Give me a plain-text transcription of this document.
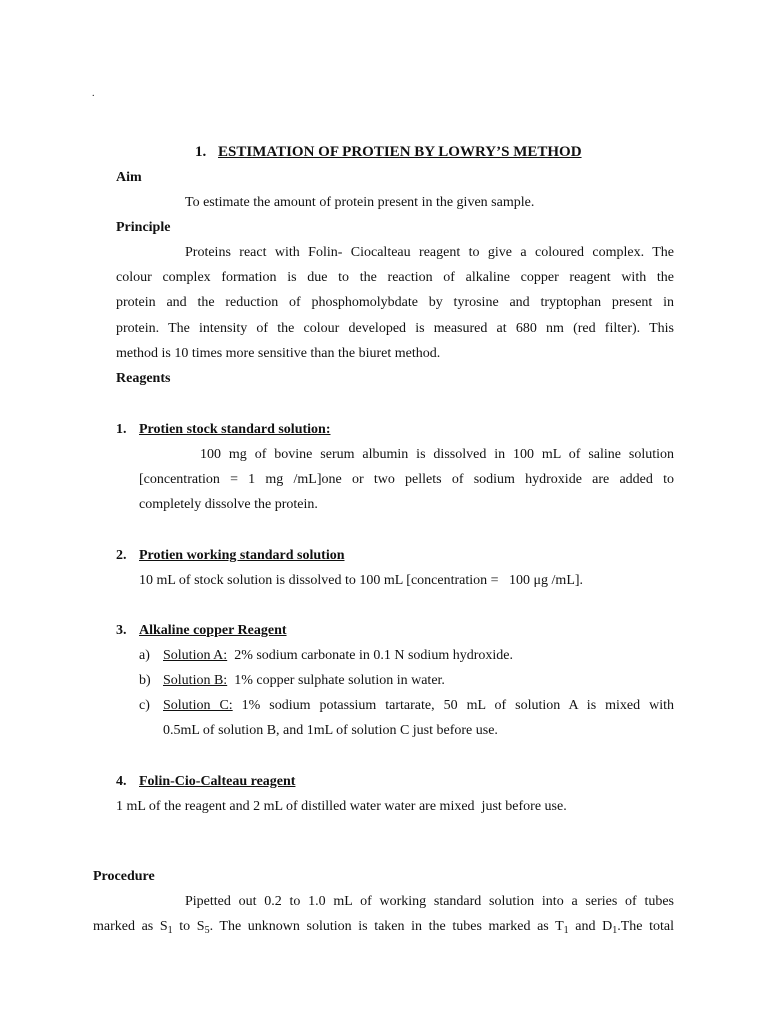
.
1. ESTIMATION OF PROTIEN BY LOWRY’S METHOD
Aim
To estimate the amount of protein present in the given sample.
Principle
Proteins react with Folin- Ciocalteau reagent to give a coloured complex. The
colour complex formation is due to the reaction of alkaline copper reagent with the
protein and the reduction of phosphomolybdate by tyrosine and tryptophan present in
protein. The intensity of the colour developed is measured at 680 nm (red filter). This
method is 10 times more sensitive than the biuret method.
Reagents
1. Protien stock standard solution:
100 mg of bovine serum albumin is dissolved in 100 mL of saline solution
[concentration = 1 mg /mL]one or two pellets of sodium hydroxide are added to
completely dissolve the protein.
2. Protien working standard solution
10 mL of stock solution is dissolved to 100 mL [concentration =   100 μg /mL].
3. Alkaline copper Reagent
a) Solution A:  2% sodium carbonate in 0.1 N sodium hydroxide.
b) Solution B:  1% copper sulphate solution in water.
c) Solution C: 1% sodium potassium tartarate, 50 mL of solution A is mixed with
0.5mL of solution B, and 1mL of solution C just before use.
4. Folin-Cio-Calteau reagent
1 mL of the reagent and 2 mL of distilled water water are mixed  just before use.
Procedure
Pipetted out 0.2 to 1.0 mL of working standard solution into a series of tubes
marked as $S_1$ to $S_5$. The unknown solution is taken in the tubes marked as $T_1$ and $D_1.The$ total
